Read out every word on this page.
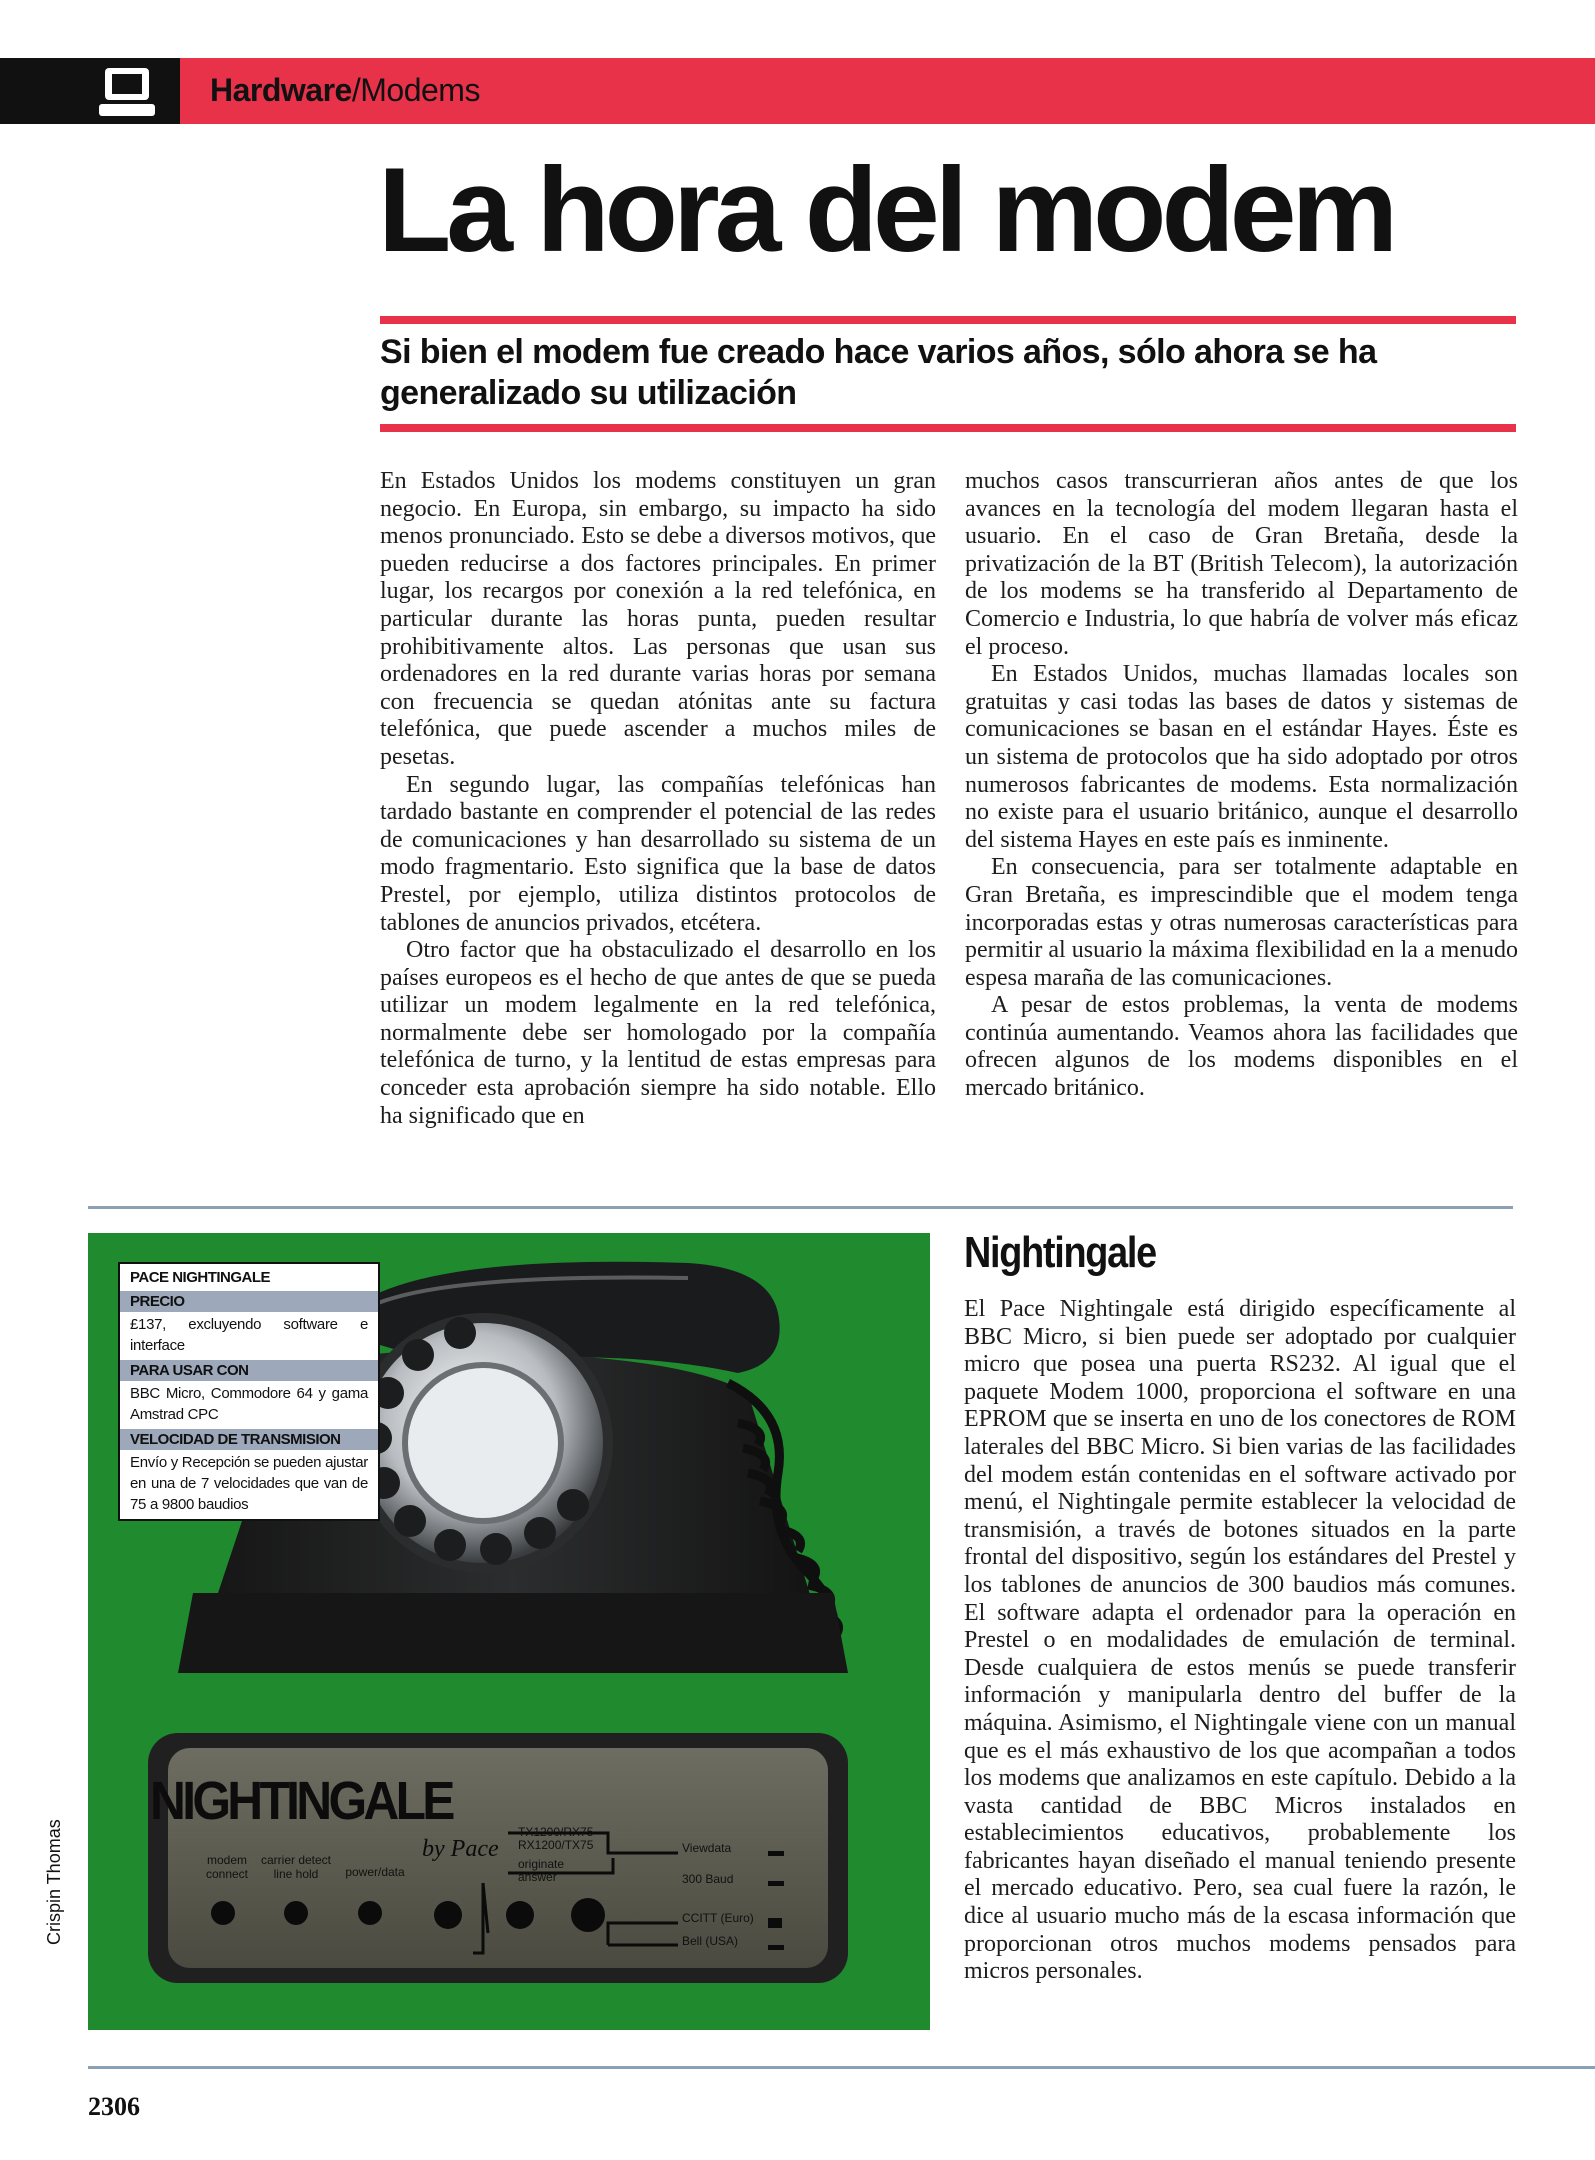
Hardware/Modems
La hora del modem
Si bien el modem fue creado hace varios años, sólo ahora se ha generalizado su utilización

En Estados Unidos los modems constituyen un gran negocio. En Europa, sin embargo, su impacto ha sido menos pronunciado. Esto se debe a diversos motivos, que pueden reducirse a dos factores principales. En primer lugar, los recargos por conexión a la red telefónica, en particular durante las horas punta, pueden resultar prohibitivamente altos. Las personas que usan sus ordenadores en la red durante varias horas por semana con frecuencia se quedan atónitas ante su factura telefónica, que puede ascender a muchos miles de pesetas.

En segundo lugar, las compañías telefónicas han tardado bastante en comprender el potencial de las redes de comunicaciones y han desarrollado su sistema de un modo fragmentario. Esto significa que la base de datos Prestel, por ejemplo, utiliza distintos protocolos de tablones de anuncios privados, etcétera.

Otro factor que ha obstaculizado el desarrollo en los países europeos es el hecho de que antes de que se pueda utilizar un modem legalmente en la red telefónica, normalmente debe ser homologado por la compañía telefónica de turno, y la lentitud de estas empresas para conceder esta aprobación siempre ha sido notable. Ello ha significado que en

muchos casos transcurrieran años antes de que los avances en la tecnología del modem llegaran hasta el usuario. En el caso de Gran Bretaña, desde la privatización de la BT (British Telecom), la autorización de los modems se ha transferido al Departamento de Comercio e Industria, lo que habría de volver más eficaz el proceso.

En Estados Unidos, muchas llamadas locales son gratuitas y casi todas las bases de datos y sistemas de comunicaciones se basan en el estándar Hayes. Éste es un sistema de protocolos que ha sido adoptado por otros numerosos fabricantes de modems. Esta normalización no existe para el usuario británico, aunque el desarrollo del sistema Hayes en este país es inminente.

En consecuencia, para ser totalmente adaptable en Gran Bretaña, es imprescindible que el modem tenga incorporadas estas y otras numerosas características para permitir al usuario la máxima flexibilidad en la a menudo espesa maraña de las comunicaciones.

A pesar de estos problemas, la venta de modems continúa aumentando. Veamos ahora las facilidades que ofrecen algunos de los modems disponibles en el mercado británico.

NIGHTINGALE
by Pace
modem connect
carrier detect line hold	power/data
TX1200/RX75
RX1200/TX75
originate
answer
Viewdata
300 Baud
CCITT (Euro)
Bell (USA)
PACE NIGHTINGALE
PRECIO
£137, excluyendo software e interface
PARA USAR CON
BBC Micro, Commodore 64 y gama Amstrad CPC
VELOCIDAD DE TRANSMISION
Envío y Recepción se pueden ajustar en una de 7 velocidades que van de 75 a 9800 baudios
Crispin Thomas
Nightingale

El Pace Nightingale está dirigido específicamente al BBC Micro, si bien puede ser adoptado por cualquier micro que posea una puerta RS232. Al igual que el paquete Modem 1000, proporciona el software en una EPROM que se inserta en uno de los conectores de ROM laterales del BBC Micro. Si bien varias de las facilidades del modem están contenidas en el software activado por menú, el Nightingale permite establecer la velocidad de transmisión, a través de botones situados en la parte frontal del dispositivo, según los estándares del Prestel y los tablones de anuncios de 300 baudios más comunes. El software adapta el ordenador para la operación en Prestel o en modalidades de emulación de terminal. Desde cualquiera de estos menús se puede transferir información y manipularla dentro del buffer de la máquina. Asimismo, el Nightingale viene con un manual que es el más exhaustivo de los que acompañan a todos los modems que analizamos en este capítulo. Debido a la vasta cantidad de BBC Micros instalados en establecimientos educativos, probablemente los fabricantes hayan diseñado el manual teniendo presente el mercado educativo. Pero, sea cual fuere la razón, le dice al usuario mucho más de la escasa información que proporcionan otros muchos modems pensados para micros personales.

2306
